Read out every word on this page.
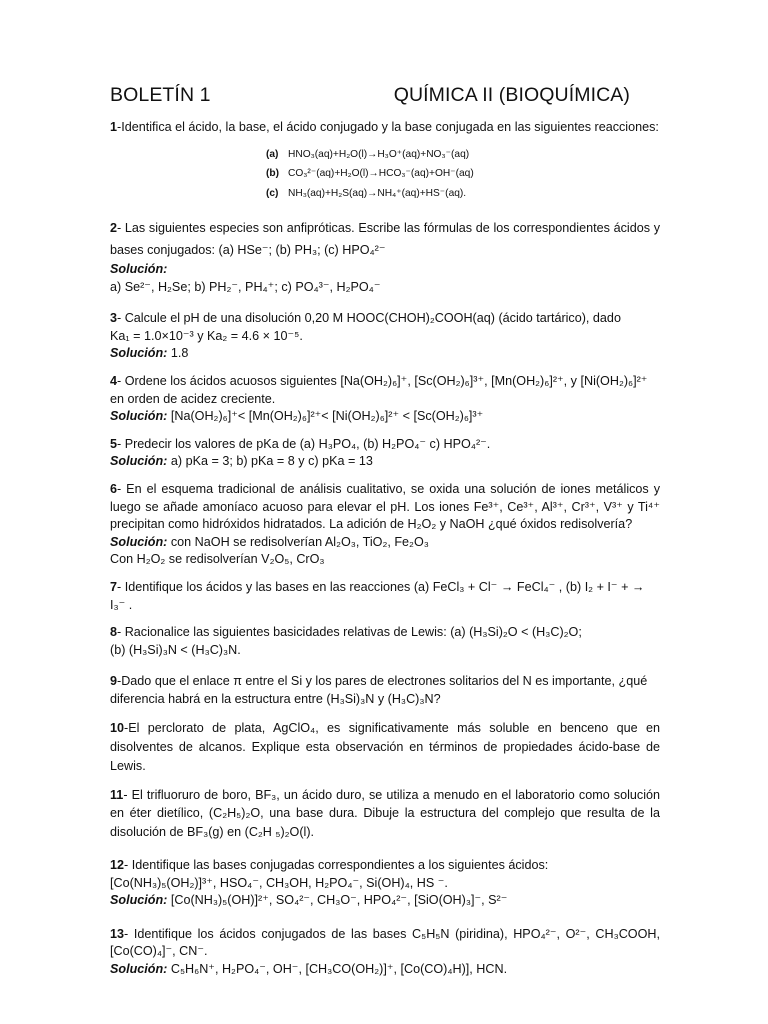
BOLETÍN 1	QUÍMICA II (BIOQUÍMICA)

1-Identifica el ácido, la base, el ácido conjugado y la base conjugada en las siguientes reacciones:

(a) HNO₃(aq)+H₂O(l)→H₃O⁺(aq)+NO₃⁻(aq)
(b) CO₃²⁻(aq)+H₂O(l)→HCO₃⁻(aq)+OH⁻(aq)
(c) NH₃(aq)+H₂S(aq)→NH₄⁺(aq)+HS⁻(aq).

2- Las siguientes especies son anfipróticas. Escribe las fórmulas de los correspondientes ácidos y bases conjugados: (a) HSe⁻; (b) PH₃; (c) HPO₄²⁻

Solución:

a) Se²⁻, H₂Se; b) PH₂⁻, PH₄⁺; c) PO₄³⁻, H₂PO₄⁻

3- Calcule el pH de una disolución 0,20 M HOOC(CHOH)₂COOH(aq) (ácido tartárico), dado

Ka₁ = 1.0×10⁻³ y Ka₂ = 4.6 × 10⁻⁵.

Solución: 1.8

4- Ordene los ácidos acuosos siguientes [Na(OH₂)₆]⁺, [Sc(OH₂)₆]³⁺, [Mn(OH₂)₆]²⁺, y [Ni(OH₂)₆]²⁺ en orden de acidez creciente.

Solución: [Na(OH₂)₆]⁺< [Mn(OH₂)₆]²⁺< [Ni(OH₂)₆]²⁺ < [Sc(OH₂)₆]³⁺

5- Predecir los valores de pKa de (a) H₃PO₄, (b) H₂PO₄⁻ c) HPO₄²⁻.

Solución: a) pKa = 3; b) pKa = 8 y c) pKa = 13

6- En el esquema tradicional de análisis cualitativo, se oxida una solución de iones metálicos y luego se añade amoníaco acuoso para elevar el pH. Los iones Fe³⁺, Ce³⁺, Al³⁺, Cr³⁺, V³⁺ y Ti⁴⁺ precipitan como hidróxidos hidratados. La adición de H₂O₂ y NaOH ¿qué óxidos redisolvería?

Solución: con NaOH se redisolverían Al₂O₃, TiO₂, Fe₂O₃

Con H₂O₂ se redisolverían V₂O₅, CrO₃

7- Identifique los ácidos y las bases en las reacciones (a) FeCl₃ + Cl⁻ → FeCl₄⁻ , (b) I₂ + I⁻ + → I₃⁻ .

8- Racionalice las siguientes basicidades relativas de Lewis: (a) (H₃Si)₂O < (H₃C)₂O;

(b) (H₃Si)₃N < (H₃C)₃N.

9-Dado que el enlace π entre el Si y los pares de electrones solitarios del N es importante, ¿qué diferencia habrá en la estructura entre (H₃Si)₃N y (H₃C)₃N?

10-El perclorato de plata, AgClO₄, es significativamente más soluble en benceno que en disolventes de alcanos. Explique esta observación en términos de propiedades ácido-base de Lewis.

11- El trifluoruro de boro, BF₃, un ácido duro, se utiliza a menudo en el laboratorio como solución en éter dietílico, (C₂H₅)₂O, una base dura. Dibuje la estructura del complejo que resulta de la disolución de BF₃(g) en (C₂H ₅)₂O(l).

12- Identifique las bases conjugadas correspondientes a los siguientes ácidos:

[Co(NH₃)₅(OH₂)]³⁺, HSO₄⁻, CH₃OH, H₂PO₄⁻, Si(OH)₄, HS ⁻.

Solución: [Co(NH₃)₅(OH)]²⁺, SO₄²⁻, CH₃O⁻, HPO₄²⁻, [SiO(OH)₃]⁻, S²⁻

13- Identifique los ácidos conjugados de las bases C₅H₅N (piridina), HPO₄²⁻, O²⁻, CH₃COOH, [Co(CO)₄]⁻, CN⁻.

Solución: C₅H₆N⁺, H₂PO₄⁻, OH⁻, [CH₃CO(OH₂)]⁺, [Co(CO)₄H)], HCN.
